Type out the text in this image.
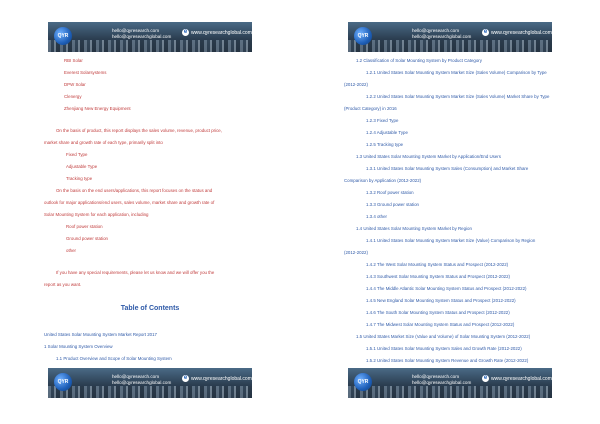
QYR
hello@qyresearch.com
hello@qyresearchglobal.com
e www.qyresearchglobal.com
RBI Solar
Everest Solarsystems
DPW Solar
Clenergy
Zhenjiang New Energy Equipment
On the basis of product, this report displays the sales volume, revenue, product price,
market share and growth rate of each type, primarily split into
Fixed Type
Adjustable Type
Tracking type
On the basis on the end users/applications, this report focuses on the status and
outlook for major applications/end users, sales volume, market share and growth rate of
Solar Mounting System for each application, including
Roof power station
Ground power station
other
If you have any special requirements, please let us know and we will offer you the
report as you want.
Table of Contents
United States Solar Mounting System Market Report 2017
1 Solar Mounting System Overview
1.1 Product Overview and Scope of Solar Mounting System
QYR
hello@qyresearch.com
hello@qyresearchglobal.com
e www.qyresearchglobal.com
QYR
hello@qyresearch.com
hello@qyresearchglobal.com
e www.qyresearchglobal.com
1.2 Classification of Solar Mounting System by Product Category
1.2.1 United States Solar Mounting System Market Size (Sales Volume) Comparison by Type
(2012-2022)
1.2.2 United States Solar Mounting System Market Size (Sales Volume) Market Share by Type
(Product Category) in 2016
1.2.3 Fixed Type
1.2.4 Adjustable Type
1.2.5 Tracking type
1.3 United States Solar Mounting System Market by Application/End Users
1.3.1 United States Solar Mounting System Sales (Consumption) and Market Share
Comparison by Application (2012-2022)
1.3.2 Roof power station
1.3.3 Ground power station
1.3.4 other
1.4 United States Solar Mounting System Market by Region
1.4.1 United States Solar Mounting System Market Size (Value) Comparison by Region
(2012-2022)
1.4.2 The West Solar Mounting System Status and Prospect (2012-2022)
1.4.3 Southwest Solar Mounting System Status and Prospect (2012-2022)
1.4.4 The Middle Atlantic Solar Mounting System Status and Prospect (2012-2022)
1.4.5 New England Solar Mounting System Status and Prospect (2012-2022)
1.4.6 The South Solar Mounting System Status and Prospect (2012-2022)
1.4.7 The Midwest Solar Mounting System Status and Prospect (2012-2022)
1.5 United States Market Size (Value and Volume) of Solar Mounting System (2012-2022)
1.5.1 United States Solar Mounting System Sales and Growth Rate (2012-2022)
1.5.2 United States Solar Mounting System Revenue and Growth Rate (2012-2022)
QYR
hello@qyresearch.com
hello@qyresearchglobal.com
e www.qyresearchglobal.com
